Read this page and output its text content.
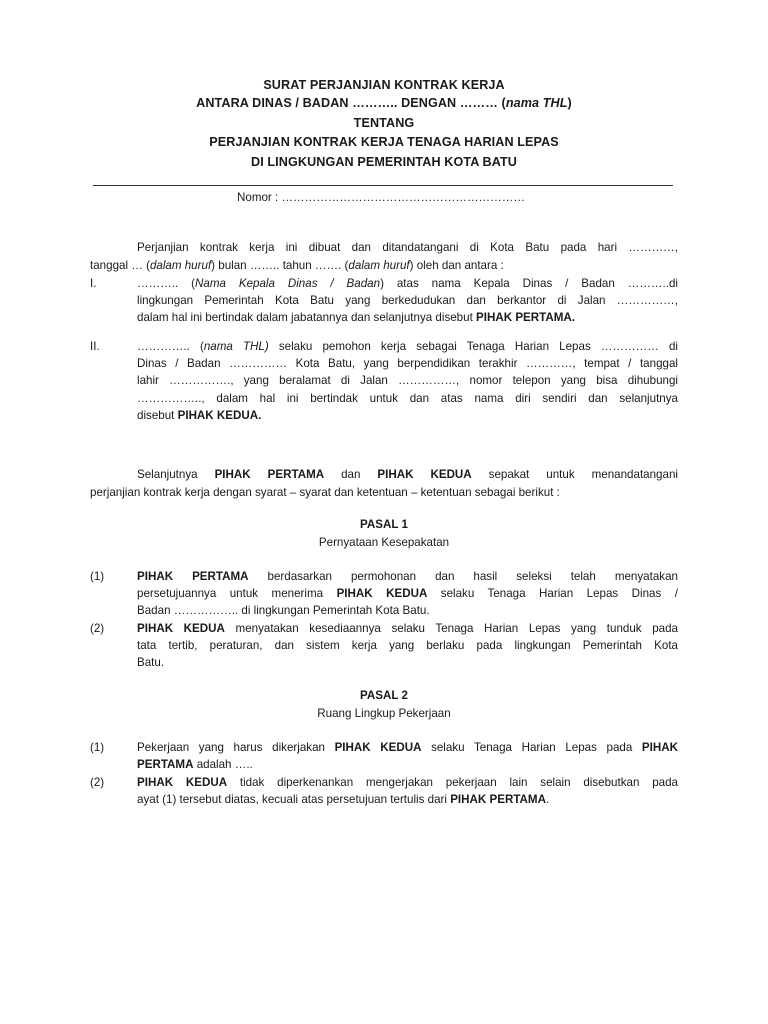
SURAT PERJANJIAN KONTRAK KERJA
ANTARA DINAS / BADAN ……….. DENGAN ……… (nama THL)
TENTANG
PERJANJIAN KONTRAK KERJA TENAGA HARIAN LEPAS
DI LINGKUNGAN PEMERINTAH KOTA BATU
Nomor : ………………………………………………………
Perjanjian kontrak kerja ini dibuat dan ditandatangani di Kota Batu pada hari …………,
tanggal … (dalam huruf) bulan …….. tahun ……. (dalam huruf) oleh dan antara :
I.	……….. (Nama Kepala Dinas / Badan) atas nama Kepala Dinas / Badan ………..di
lingkungan Pemerintah Kota Batu yang berkedudukan dan berkantor di Jalan ……………,
dalam hal ini bertindak dalam jabatannya dan selanjutnya disebut PIHAK PERTAMA.
II.	………….. (nama THL) selaku pemohon kerja sebagai Tenaga Harian Lepas …………… di
Dinas / Badan …………… Kota Batu, yang berpendidikan terakhir …………, tempat / tanggal
lahir ……………., yang beralamat di Jalan ……………, nomor telepon yang bisa dihubungi
…………….., dalam hal ini bertindak untuk dan atas nama diri sendiri dan selanjutnya
disebut PIHAK KEDUA.
Selanjutnya PIHAK PERTAMA dan PIHAK KEDUA sepakat untuk menandatangani
perjanjian kontrak kerja dengan syarat – syarat dan ketentuan – ketentuan sebagai berikut :
PASAL 1
Pernyataan Kesepakatan
(1)	PIHAK PERTAMA berdasarkan permohonan dan hasil seleksi telah menyatakan
persetujuannya untuk menerima PIHAK KEDUA selaku Tenaga Harian Lepas Dinas /
Badan …………….. di lingkungan Pemerintah Kota Batu.
(2)	PIHAK KEDUA menyatakan kesediaannya selaku Tenaga Harian Lepas yang tunduk pada
tata tertib, peraturan, dan sistem kerja yang berlaku pada lingkungan Pemerintah Kota
Batu.
PASAL 2
Ruang Lingkup Pekerjaan
(1)	Pekerjaan yang harus dikerjakan PIHAK KEDUA selaku Tenaga Harian Lepas pada PIHAK
PERTAMA adalah …..
(2)	PIHAK KEDUA tidak diperkenankan mengerjakan pekerjaan lain selain disebutkan pada
ayat (1) tersebut diatas, kecuali atas persetujuan tertulis dari PIHAK PERTAMA.
